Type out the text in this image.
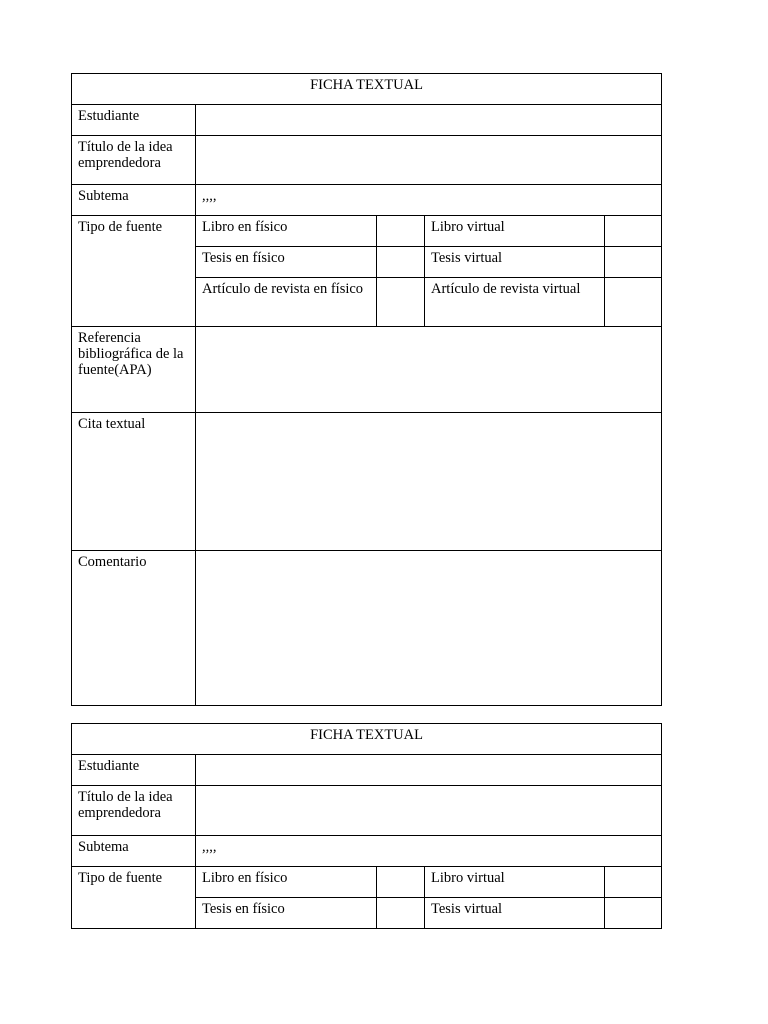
FICHA TEXTUAL				
Estudiante				
Título de la idea emprendedora				
Subtema	,,,,			
Tipo de fuente	Libro en físico		Libro virtual	
	Tesis en físico		Tesis virtual	
	Artículo de revista en físico		Artículo de revista virtual	
Referencia bibliográfica de la fuente(APA)				
Cita textual				
Comentario				
FICHA TEXTUAL				
Estudiante				
Título de la idea emprendedora				
Subtema	,,,,			
Tipo de fuente	Libro en físico		Libro virtual	
	Tesis en físico		Tesis virtual	
